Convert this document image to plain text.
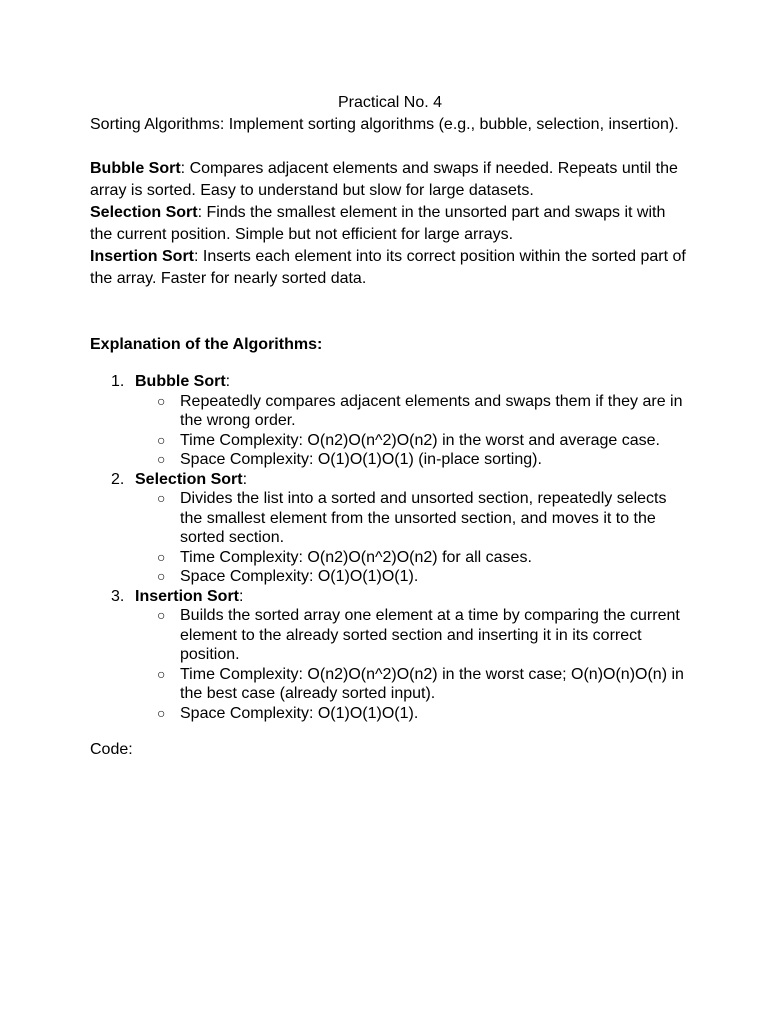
Practical No. 4

Sorting Algorithms: Implement sorting algorithms (e.g., bubble, selection, insertion).

Bubble Sort: Compares adjacent elements and swaps if needed. Repeats until the array is sorted. Easy to understand but slow for large datasets.

Selection Sort: Finds the smallest element in the unsorted part and swaps it with the current position. Simple but not efficient for large arrays.

Insertion Sort: Inserts each element into its correct position within the sorted part of the array. Faster for nearly sorted data.

Explanation of the Algorithms:
1. Bubble Sort:
○ Repeatedly compares adjacent elements and swaps them if they are in the wrong order.
○ Time Complexity: O(n2)O(n^2)O(n2) in the worst and average case.
○ Space Complexity: O(1)O(1)O(1) (in-place sorting).
2. Selection Sort:
○ Divides the list into a sorted and unsorted section, repeatedly selects the smallest element from the unsorted section, and moves it to the sorted section.
○ Time Complexity: O(n2)O(n^2)O(n2) for all cases.
○ Space Complexity: O(1)O(1)O(1).
3. Insertion Sort:
○ Builds the sorted array one element at a time by comparing the current element to the already sorted section and inserting it in its correct position.
○ Time Complexity: O(n2)O(n^2)O(n2) in the worst case; O(n)O(n)O(n) in the best case (already sorted input).
○ Space Complexity: O(1)O(1)O(1).
Code:
